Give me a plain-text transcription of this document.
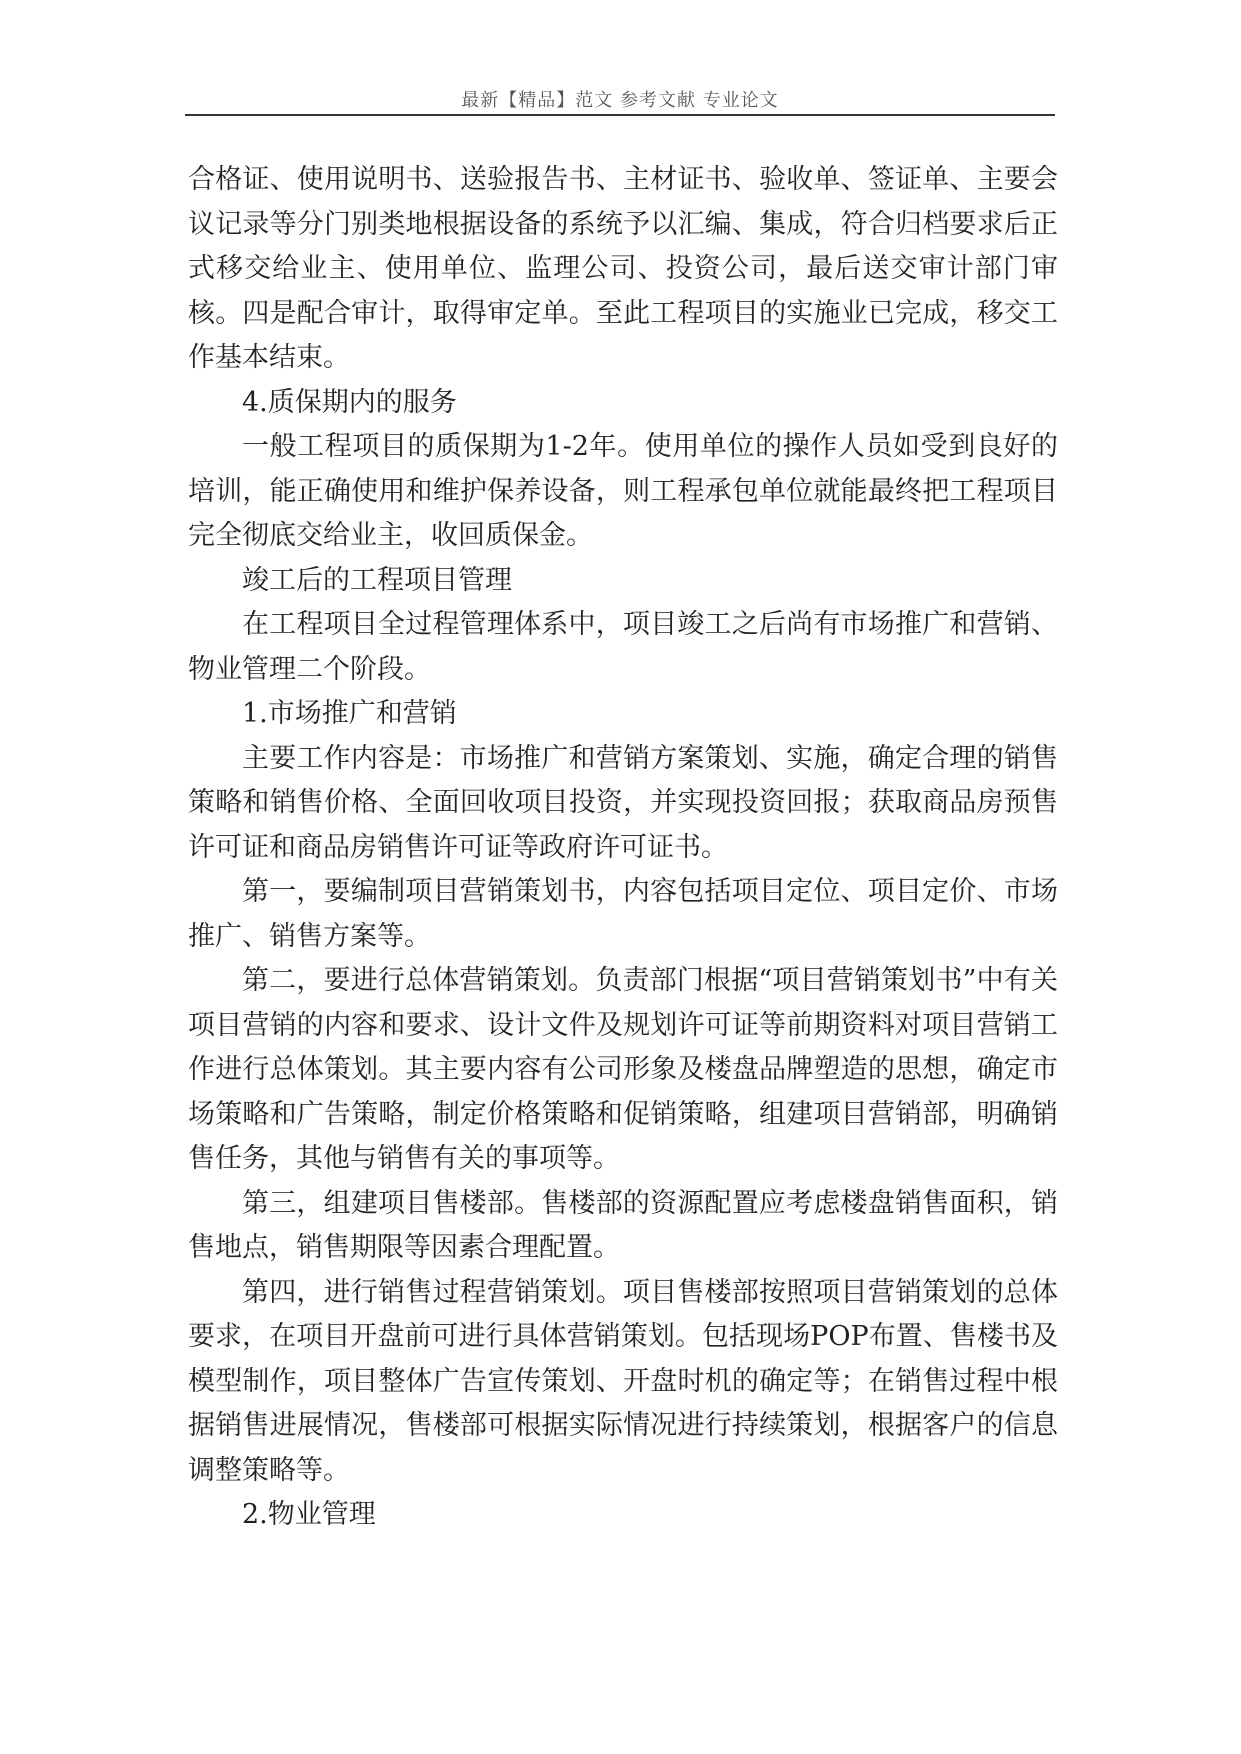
最新【精品】范文 参考文献 专业论文

合格证、使用说明书、送验报告书、主材证书、验收单、签证单、主要会议记录等分门别类地根据设备的系统予以汇编、集成，符合归档要求后正式移交给业主、使用单位、监理公司、投资公司，最后送交审计部门审核。四是配合审计，取得审定单。至此工程项目的实施业已完成，移交工作基本结束。

4.质保期内的服务

一般工程项目的质保期为1-2年。使用单位的操作人员如受到良好的培训，能正确使用和维护保养设备，则工程承包单位就能最终把工程项目完全彻底交给业主，收回质保金。

竣工后的工程项目管理

在工程项目全过程管理体系中，项目竣工之后尚有市场推广和营销、物业管理二个阶段。

1.市场推广和营销

主要工作内容是：市场推广和营销方案策划、实施，确定合理的销售策略和销售价格、全面回收项目投资，并实现投资回报；获取商品房预售许可证和商品房销售许可证等政府许可证书。

第一，要编制项目营销策划书，内容包括项目定位、项目定价、市场推广、销售方案等。

第二，要进行总体营销策划。负责部门根据“项目营销策划书”中有关项目营销的内容和要求、设计文件及规划许可证等前期资料对项目营销工作进行总体策划。其主要内容有公司形象及楼盘品牌塑造的思想，确定市场策略和广告策略，制定价格策略和促销策略，组建项目营销部，明确销售任务，其他与销售有关的事项等。

第三，组建项目售楼部。售楼部的资源配置应考虑楼盘销售面积，销售地点，销售期限等因素合理配置。

第四，进行销售过程营销策划。项目售楼部按照项目营销策划的总体要求，在项目开盘前可进行具体营销策划。包括现场POP布置、售楼书及模型制作，项目整体广告宣传策划、开盘时机的确定等；在销售过程中根据销售进展情况，售楼部可根据实际情况进行持续策划，根据客户的信息调整策略等。

2.物业管理
